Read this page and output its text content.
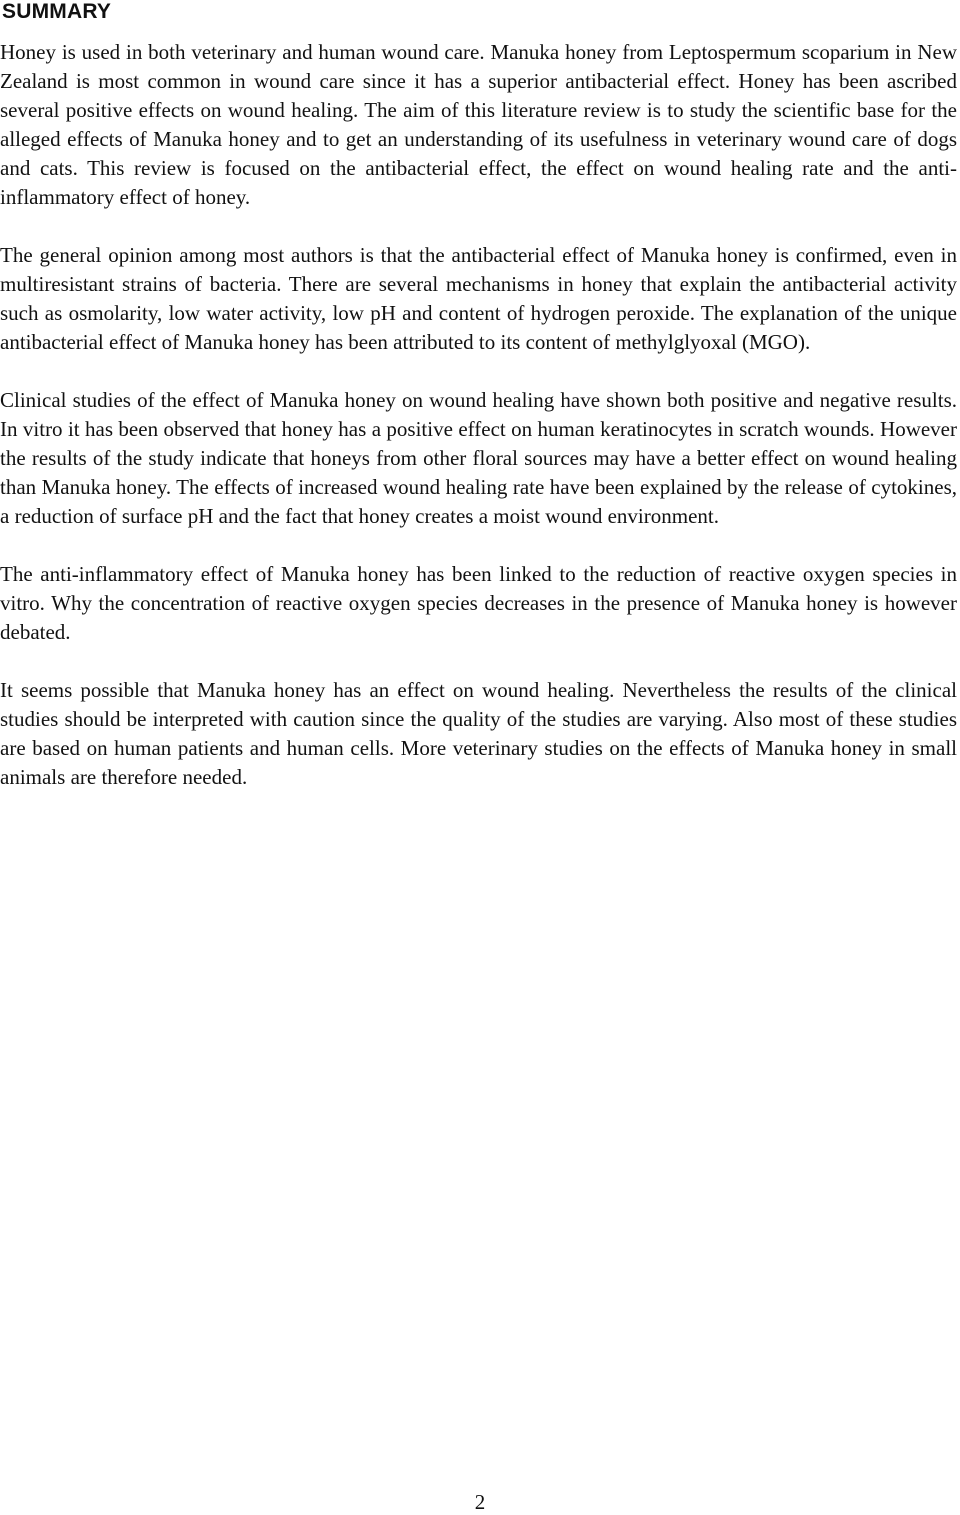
SUMMARY

Honey is used in both veterinary and human wound care. Manuka honey from Leptospermum scoparium in New Zealand is most common in wound care since it has a superior antibacterial effect. Honey has been ascribed several positive effects on wound healing. The aim of this literature review is to study the scientific base for the alleged effects of Manuka honey and to get an understanding of its usefulness in veterinary wound care of dogs and cats. This review is focused on the antibacterial effect, the effect on wound healing rate and the anti-inflammatory effect of honey.

The general opinion among most authors is that the antibacterial effect of Manuka honey is confirmed, even in multiresistant strains of bacteria. There are several mechanisms in honey that explain the antibacterial activity such as osmolarity, low water activity, low pH and content of hydrogen peroxide. The explanation of the unique antibacterial effect of Manuka honey has been attributed to its content of methylglyoxal (MGO).

Clinical studies of the effect of Manuka honey on wound healing have shown both positive and negative results. In vitro it has been observed that honey has a positive effect on human keratinocytes in scratch wounds. However the results of the study indicate that honeys from other floral sources may have a better effect on wound healing than Manuka honey. The effects of increased wound healing rate have been explained by the release of cytokines, a reduction of surface pH and the fact that honey creates a moist wound environment.

The anti-inflammatory effect of Manuka honey has been linked to the reduction of reactive oxygen species in vitro. Why the concentration of reactive oxygen species decreases in the presence of Manuka honey is however debated.

It seems possible that Manuka honey has an effect on wound healing. Nevertheless the results of the clinical studies should be interpreted with caution since the quality of the studies are varying. Also most of these studies are based on human patients and human cells. More veterinary studies on the effects of Manuka honey in small animals are therefore needed.

2
